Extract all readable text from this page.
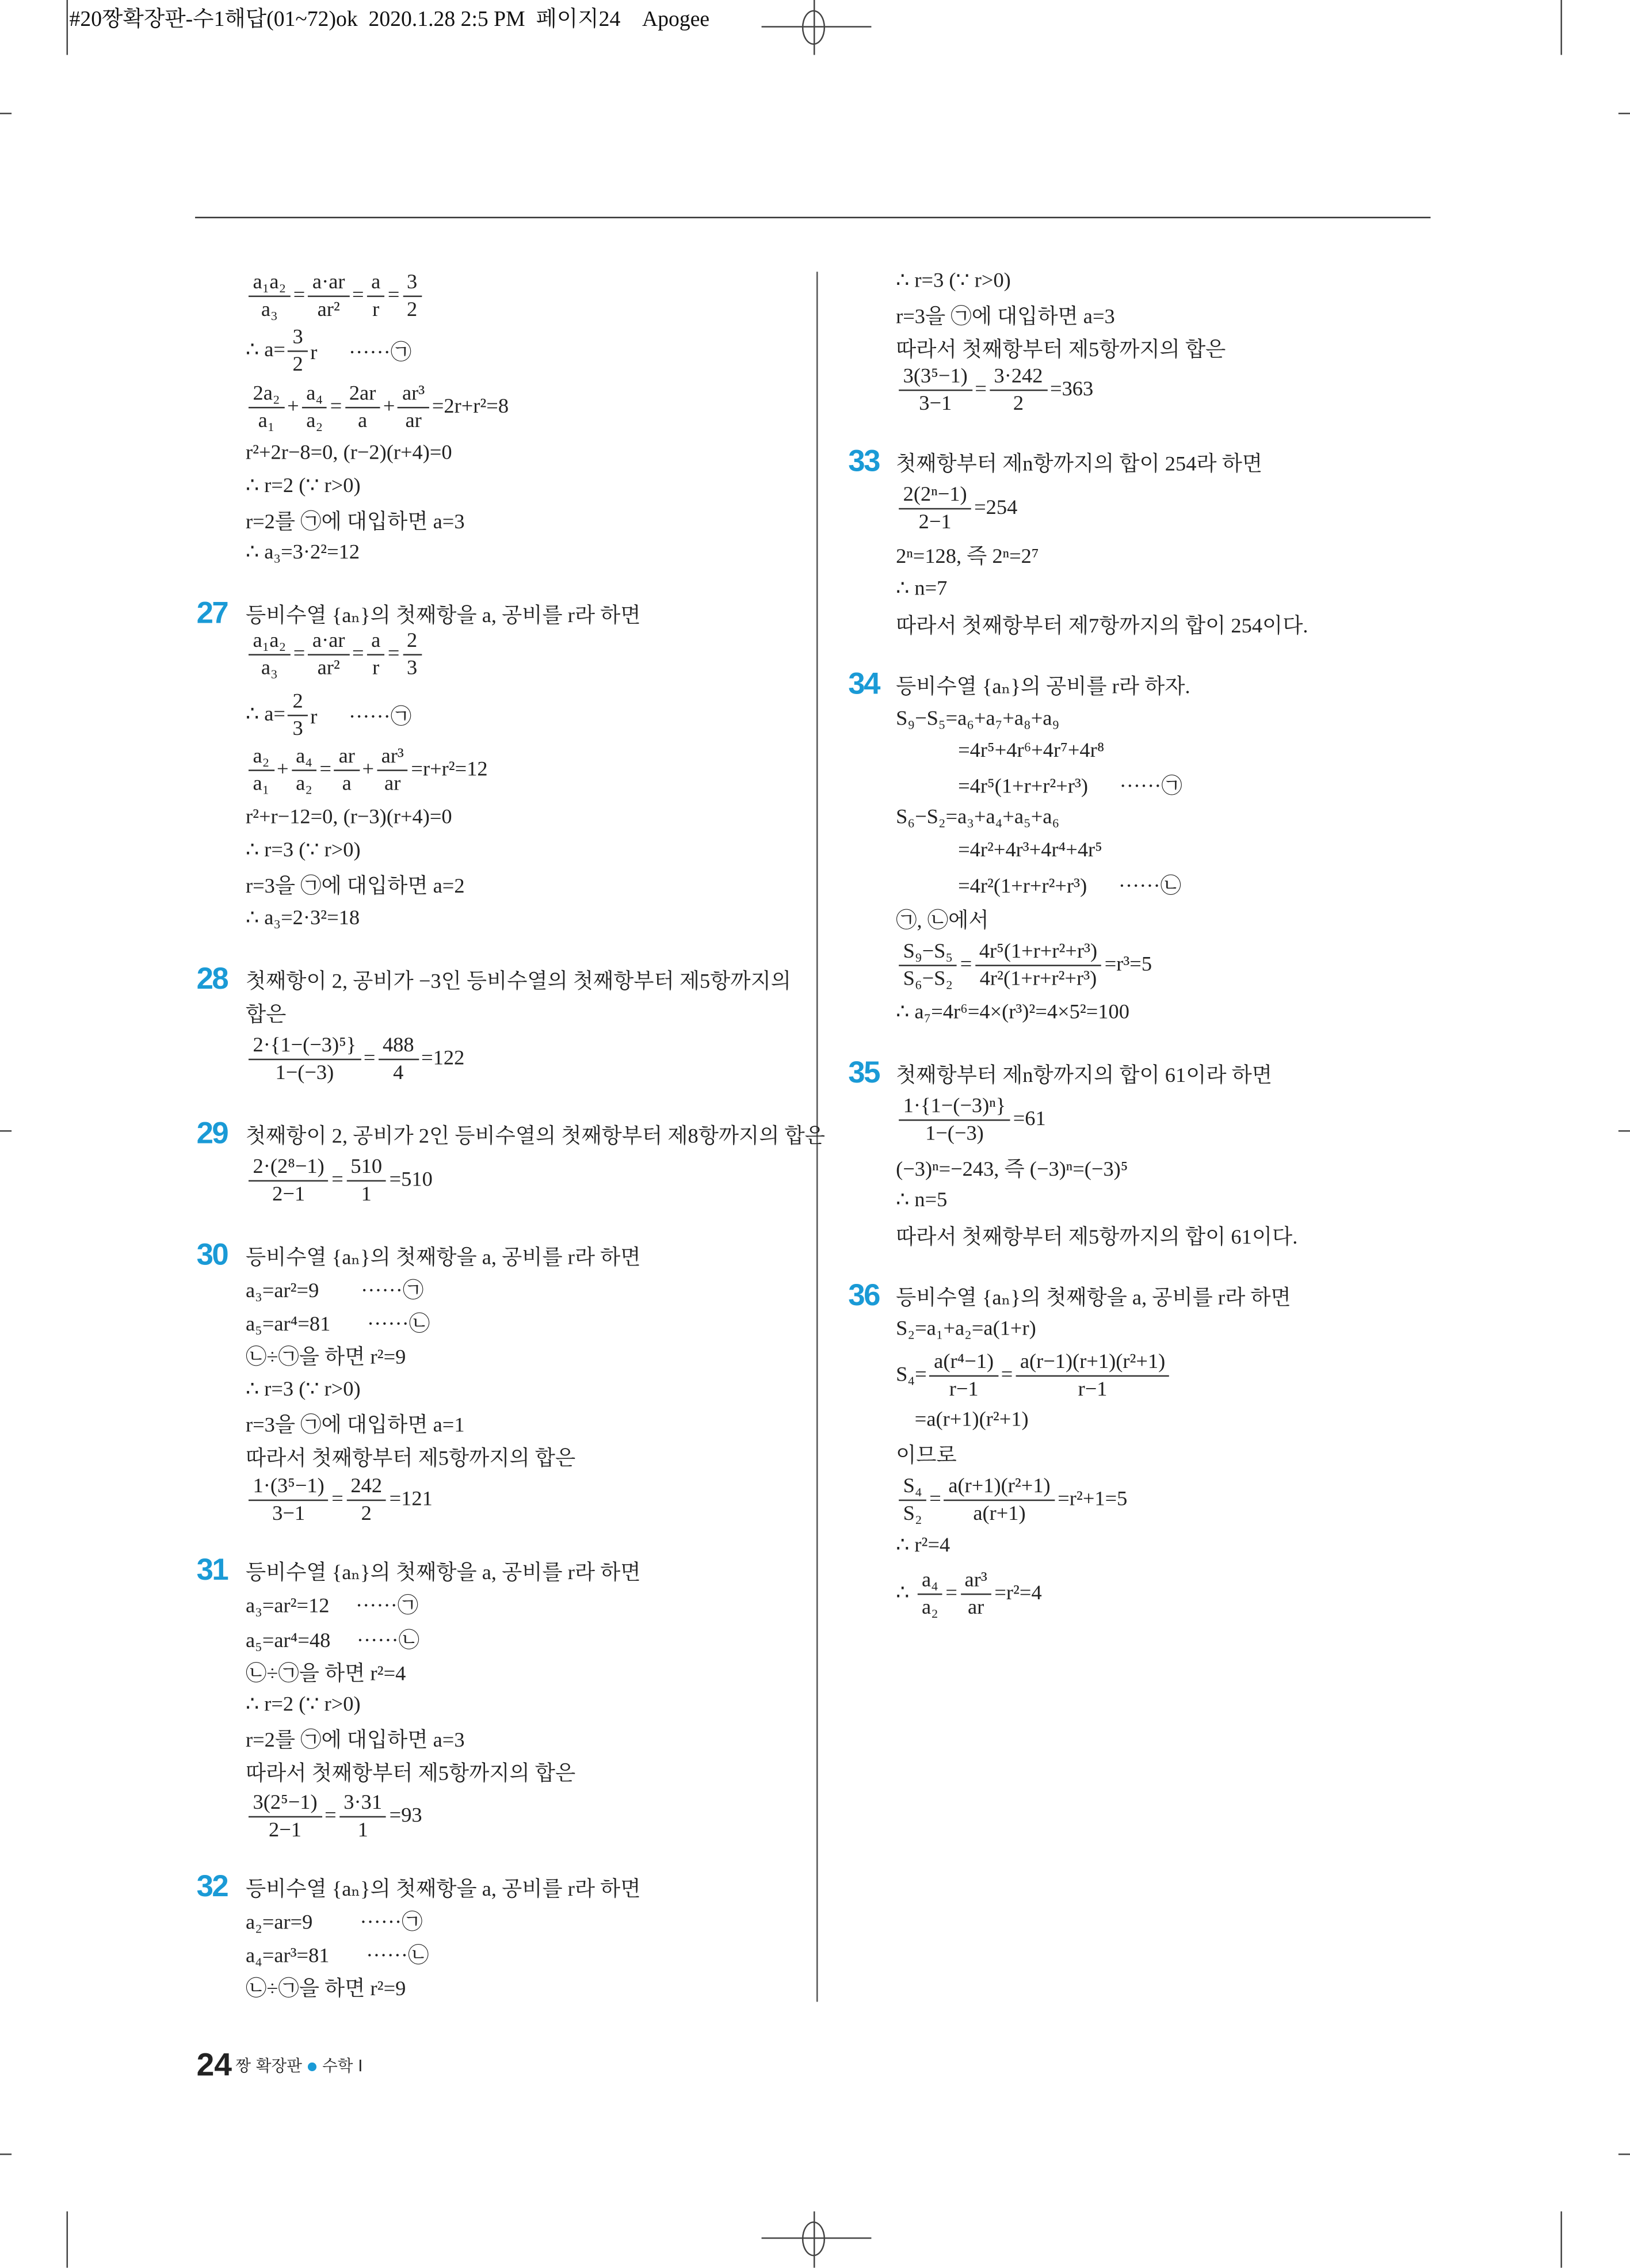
#20짱확장판-수1해답(01~72)ok  2020.1.28 2:5 PM  페이지24    Apogee
$\frac{\text{a₁a₂}}{\text{a₃}} = \frac{a\cdot ar}{\text{ar²}} = \frac{a}{r} = \frac{3}{2}$
∴ $a= \frac{3}{2}$ r      ······㉠
$\frac{\text{2a₂}}{\text{a₁}} + \frac{\text{a₄}}{\text{a₂}} = \frac{2ar}{a} + \frac{\text{ar³}}{ar} =2r+r^2=8$
r²+2r−8=0, (r−2)(r+4)=0
∴ r=2 (∵ r>0)
r=2를 ㉠에 대입하면 a=3
∴ a₃=3·2²=12
27 등비수열 {aₙ}의 첫째항을 a, 공비를 r라 하면
$\frac{\text{a₁a₂}}{\text{a₃}} = \frac{a\cdot ar}{\text{ar²}} = \frac{a}{r} = \frac{2}{3}$
∴ $a= \frac{2}{3}$ r      ······㉠
$\frac{\text{a₂}}{\text{a₁}} + \frac{\text{a₄}}{\text{a₂}} = \frac{ar}{a} + \frac{\text{ar³}}{ar} =r+r^2=12$
r²+r−12=0, (r−3)(r+4)=0
∴ r=3 (∵ r>0)
r=3을 ㉠에 대입하면 a=2
∴ a₃=2·3²=18
28 첫째항이 2, 공비가 −3인 등비수열의 첫째항부터 제5항까지의
합은
$\frac{\text{2·\{1−(−3)⁵\}}}{1-(-3)} = \frac{488}{4} =122$
29 첫째항이 2, 공비가 2인 등비수열의 첫째항부터 제8항까지의 합은
$\frac{\text{2·(2⁸−1)}}{2-1} = \frac{510}{1} =510$
30 등비수열 {aₙ}의 첫째항을 a, 공비를 r라 하면
a₃=ar²=9        ······㉠
a₅=ar⁴=81       ······㉡
㉡÷㉠을 하면 r²=9
∴ r=3 (∵ r>0)
r=3을 ㉠에 대입하면 a=1
따라서 첫째항부터 제5항까지의 합은
$\frac{\text{1·(3⁵−1)}}{3-1} = \frac{242}{2} =121$
31 등비수열 {aₙ}의 첫째항을 a, 공비를 r라 하면
a₃=ar²=12     ······㉠
a₅=ar⁴=48     ······㉡
㉡÷㉠을 하면 r²=4
∴ r=2 (∵ r>0)
r=2를 ㉠에 대입하면 a=3
따라서 첫째항부터 제5항까지의 합은
$\frac{\text{3(2⁵−1)}}{2-1} = \frac{3\cdot 31}{1} =93$
32 등비수열 {aₙ}의 첫째항을 a, 공비를 r라 하면
a₂=ar=9         ······㉠
a₄=ar³=81       ······㉡
㉡÷㉠을 하면 r²=9
∴ r=3 (∵ r>0)
r=3을 ㉠에 대입하면 a=3
따라서 첫째항부터 제5항까지의 합은
$\frac{\text{3(3⁵−1)}}{3-1} = \frac{3\cdot 242}{2} =363$
33 첫째항부터 제n항까지의 합이 254라 하면
$\frac{\text{2(2ⁿ−1)}}{2-1} =254$
2ⁿ=128, 즉 2ⁿ=2⁷
∴ n=7
따라서 첫째항부터 제7항까지의 합이 254이다.
34 등비수열 {aₙ}의 공비를 r라 하자.
S₉−S₅=a₆+a₇+a₈+a₉
=4r⁵+4r⁶+4r⁷+4r⁸
=4r⁵(1+r+r²+r³)      ······㉠
S₆−S₂=a₃+a₄+a₅+a₆
=4r²+4r³+4r⁴+4r⁵
=4r²(1+r+r²+r³)      ······㉡
㉠, ㉡에서
$\frac{\text{S₉−S₅}}{\text{S₆−S₂}} = \frac{\text{4r⁵(1+r+r²+r³)}}{\text{4r²(1+r+r²+r³)}} =r^3=5$
∴ a₇=4r⁶=4×(r³)²=4×5²=100
35 첫째항부터 제n항까지의 합이 61이라 하면
$\frac{\text{1·\{1−(−3)ⁿ\}}}{1-(-3)} =61$
(−3)ⁿ=−243, 즉 (−3)ⁿ=(−3)⁵
∴ n=5
따라서 첫째항부터 제5항까지의 합이 61이다.
36 등비수열 {aₙ}의 첫째항을 a, 공비를 r라 하면
S₂=a₁+a₂=a(1+r)
$S_4= \frac{\text{a(r⁴−1)}}{r-1} = \frac{\text{a(r−1)(r+1)(r²+1)}}{r-1}$
=a(r+1)(r²+1)
이므로
$\frac{\text{S₄}}{\text{S₂}} = \frac{\text{a(r+1)(r²+1)}}{a(r+1)} =r^2+1=5$
∴ r²=4
∴ $\frac{\text{a₄}}{\text{a₂}} = \frac{\text{ar³}}{ar} =r^2=4$
24 짱 확장판	수학 Ⅰ
